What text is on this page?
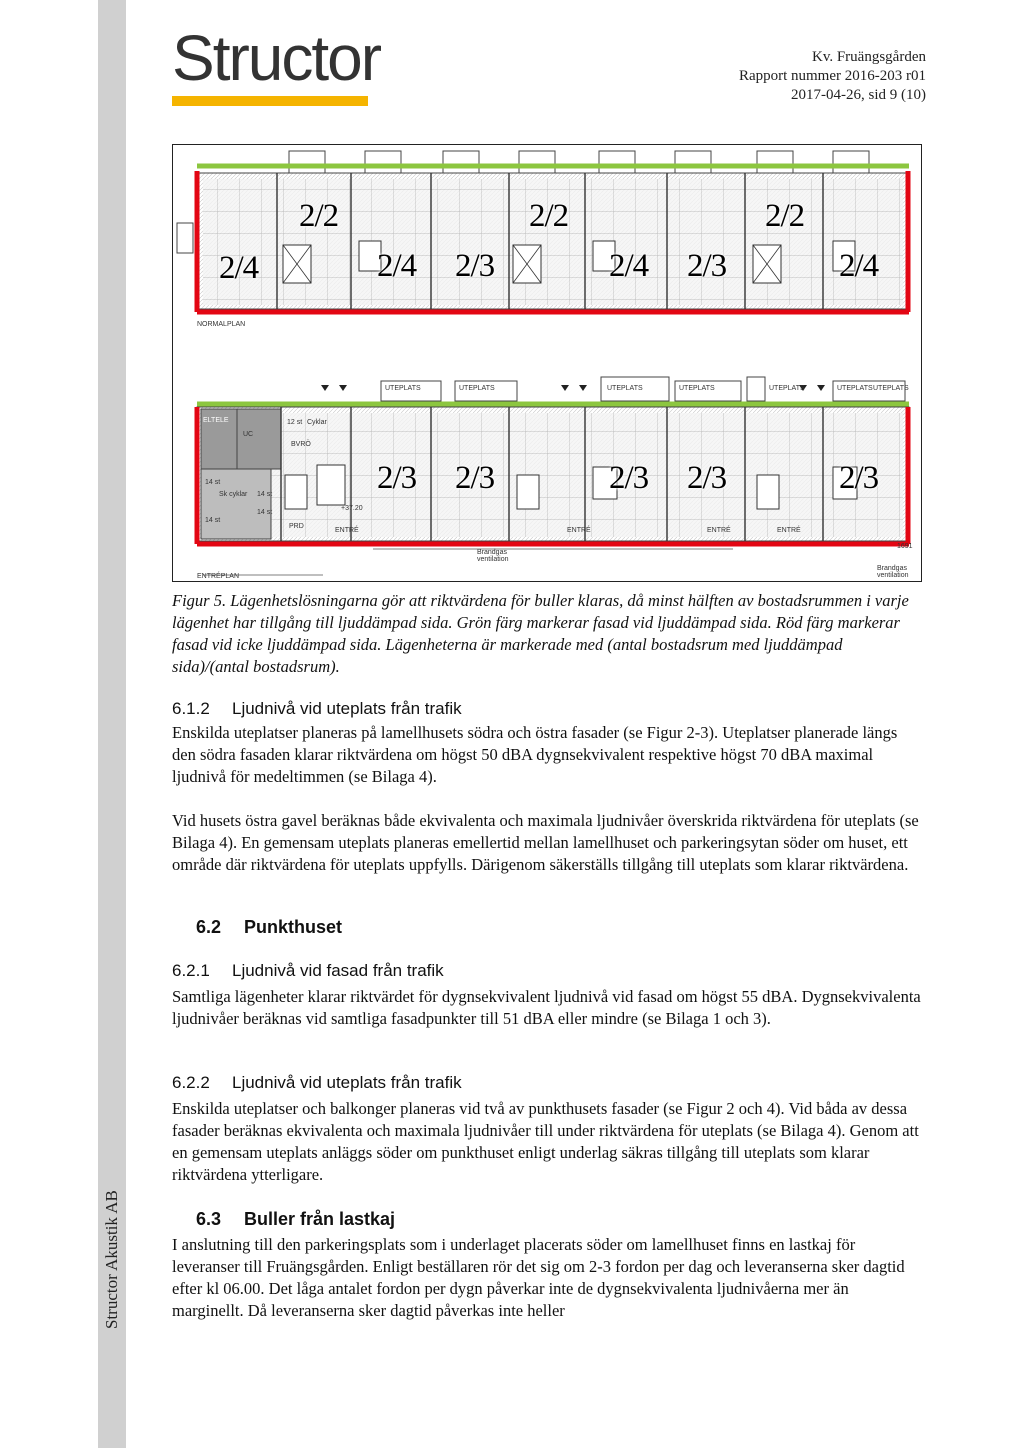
Structor Akustik AB
Structor	Kv. Fruängsgården
Rapport nummer 2016-203 r01
2017-04-26, sid 9 (10)
NORMALPLAN
ENTRÉPLAN
UTEPLATS	UTEPLATS	UTEPLATS	UTEPLATS	UTEPLATS	UTEPLATS UTEPLATS
ELTELE
UC
12 st Cyklar
BVRÖ
14 st
14 st
14 st
14 st
Sk cyklar
PRD
+37.20
ENTRÉ	ENTRÉ	ENTRÉ	ENTRÉ
Brandgas ventilation
Brandgas ventilation
1691
2/2	2/2	2/2
2/4	2/4 2/3	2/4 2/3	2/4
2/3 2/3	2/3 2/3	2/3
Figur 5. Lägenhetslösningarna gör att riktvärdena för buller klaras, då minst hälften av bostadsrummen i varje lägenhet har tillgång till ljuddämpad sida. Grön färg markerar fasad vid ljuddämpad sida. Röd färg markerar fasad vid icke ljuddämpad sida. Lägenheterna är markerade med (antal bostadsrum med ljuddämpad sida)/(antal bostadsrum).
6.1.2 Ljudnivå vid uteplats från trafik
Enskilda uteplatser planeras på lamellhusets södra och östra fasader (se Figur 2-3). Uteplatser planerade längs den södra fasaden klarar riktvärdena om högst 50 dBA dygnsekvivalent respektive högst 70 dBA maximal ljudnivå för medeltimmen (se Bilaga 4).
Vid husets östra gavel beräknas både ekvivalenta och maximala ljudnivåer överskrida riktvärdena för uteplats (se Bilaga 4). En gemensam uteplats planeras emellertid mellan lamellhuset och parkeringsytan söder om huset, ett område där riktvärdena för uteplats uppfylls. Därigenom säkerställs tillgång till uteplats som klarar riktvärdena.
6.2 Punkthuset
6.2.1 Ljudnivå vid fasad från trafik
Samtliga lägenheter klarar riktvärdet för dygnsekvivalent ljudnivå vid fasad om högst 55 dBA. Dygnsekvivalenta ljudnivåer beräknas vid samtliga fasadpunkter till 51 dBA eller mindre (se Bilaga 1 och 3).
6.2.2 Ljudnivå vid uteplats från trafik
Enskilda uteplatser och balkonger planeras vid två av punkthusets fasader (se Figur 2 och 4). Vid båda av dessa fasader beräknas ekvivalenta och maximala ljudnivåer till under riktvärdena för uteplats (se Bilaga 4). Genom att en gemensam uteplats anläggs söder om punkthuset enligt underlag säkras tillgång till uteplats som klarar riktvärdena ytterligare.
6.3 Buller från lastkaj
I anslutning till den parkeringsplats som i underlaget placerats söder om lamellhuset finns en lastkaj för leveranser till Fruängsgården. Enligt beställaren rör det sig om 2-3 fordon per dag och leveranserna sker dagtid efter kl 06.00. Det låga antalet fordon per dygn påverkar inte de dygnsekvivalenta ljudnivåerna mer än marginellt. Då leveranserna sker dagtid påverkas inte heller
